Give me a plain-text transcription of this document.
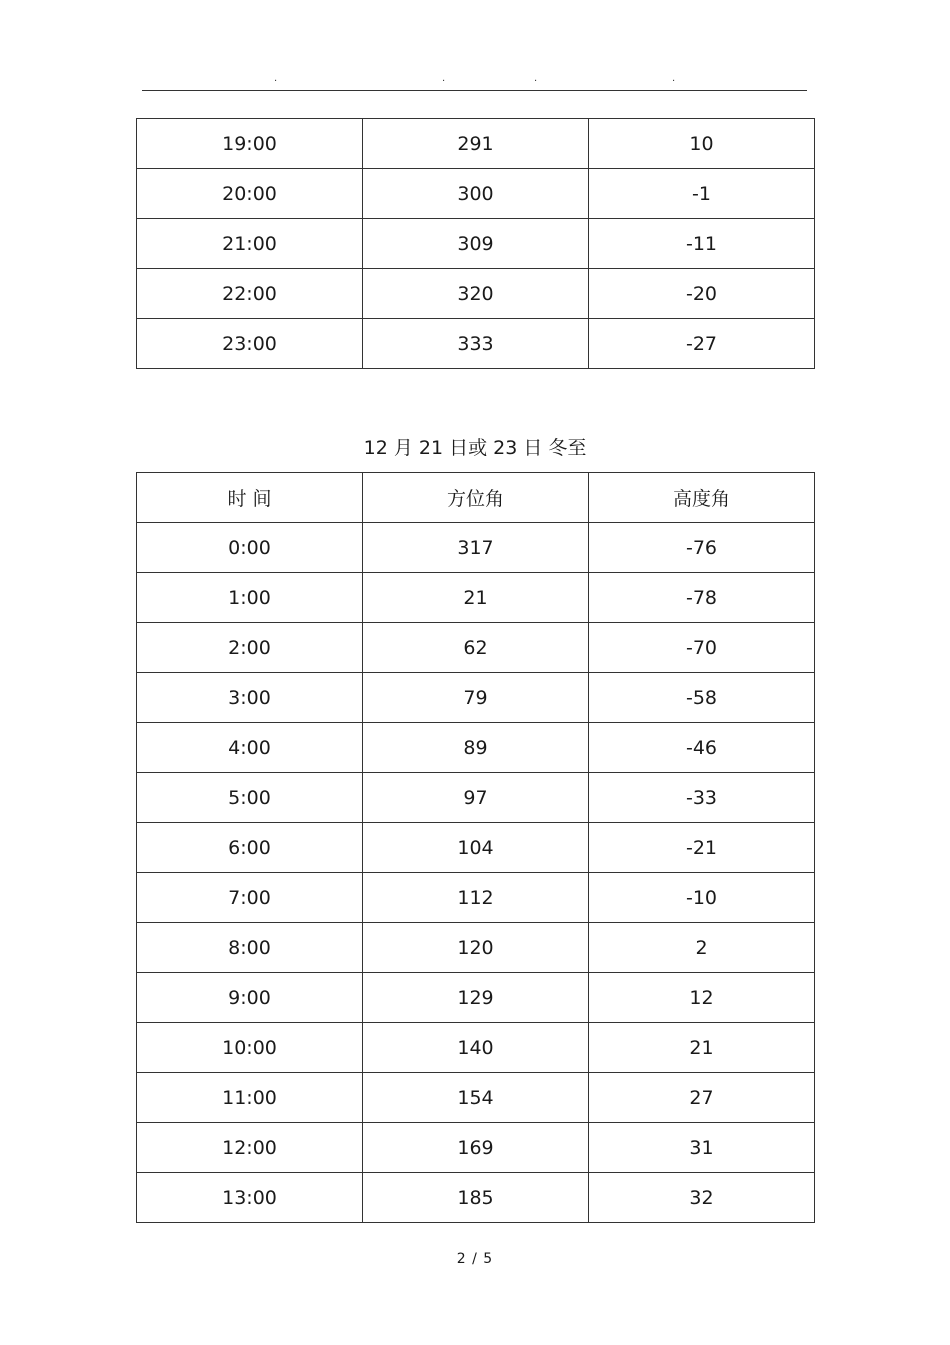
.	.	.	.
19:00	291	10
20:00	300	-1
21:00	309	-11
22:00	320	-20
23:00	333	-27
12 月 21 日或 23 日 冬至
时 间	方位角	高度角
0:00	317	-76
1:00	21	-78
2:00	62	-70
3:00	79	-58
4:00	89	-46
5:00	97	-33
6:00	104	-21
7:00	112	-10
8:00	120	2
9:00	129	12
10:00	140	21
11:00	154	27
12:00	169	31
13:00	185	32
2 / 5
